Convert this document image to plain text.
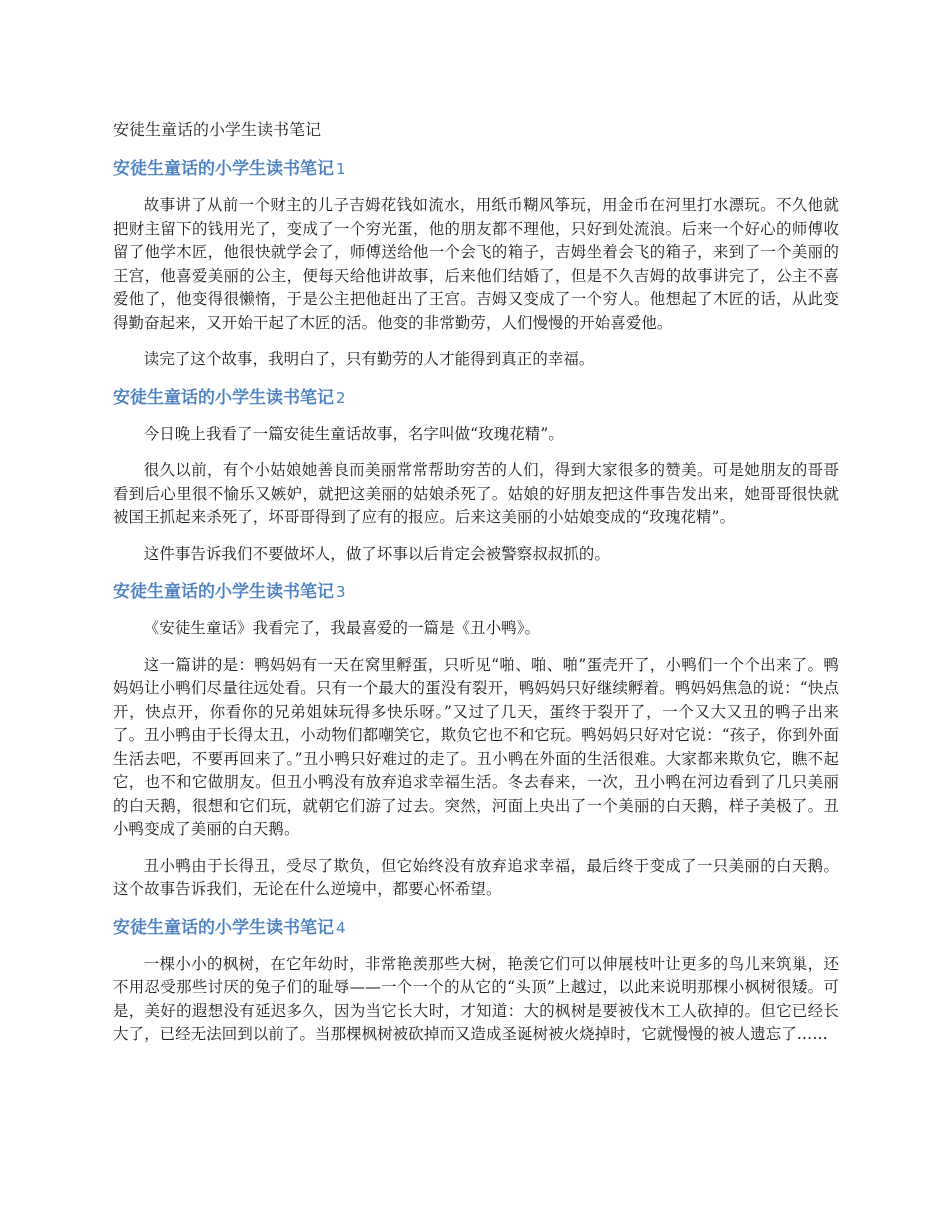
安徒生童话的小学生读书笔记
安徒生童话的小学生读书笔记 1

故事讲了从前一个财主的儿子吉姆花钱如流水，用纸币糊风筝玩，用金币在河里打水漂玩。不久他就把财主留下的钱用光了，变成了一个穷光蛋，他的朋友都不理他，只好到处流浪。后来一个好心的师傅收留了他学木匠，他很快就学会了，师傅送给他一个会飞的箱子，吉姆坐着会飞的箱子，来到了一个美丽的王宫，他喜爱美丽的公主，便每天给他讲故事，后来他们结婚了，但是不久吉姆的故事讲完了，公主不喜爱他了，他变得很懒惰，于是公主把他赶出了王宫。吉姆又变成了一个穷人。他想起了木匠的话，从此变得勤奋起来，又开始干起了木匠的活。他变的非常勤劳，人们慢慢的开始喜爱他。

读完了这个故事，我明白了，只有勤劳的人才能得到真正的幸福。

安徒生童话的小学生读书笔记 2

今日晚上我看了一篇安徒生童话故事，名字叫做“玫瑰花精”。

很久以前，有个小姑娘她善良而美丽常常帮助穷苦的人们，得到大家很多的赞美。可是她朋友的哥哥看到后心里很不愉乐又嫉妒，就把这美丽的姑娘杀死了。姑娘的好朋友把这件事告发出来，她哥哥很快就被国王抓起来杀死了，坏哥哥得到了应有的报应。后来这美丽的小姑娘变成的“玫瑰花精”。

这件事告诉我们不要做坏人，做了坏事以后肯定会被警察叔叔抓的。

安徒生童话的小学生读书笔记 3

《安徒生童话》我看完了，我最喜爱的一篇是《丑小鸭》。

这一篇讲的是：鸭妈妈有一天在窝里孵蛋，只听见“啪、啪、啪”蛋壳开了，小鸭们一个个出来了。鸭妈妈让小鸭们尽量往远处看。只有一个最大的蛋没有裂开，鸭妈妈只好继续孵着。鸭妈妈焦急的说：“快点开，快点开，你看你的兄弟姐妹玩得多快乐呀。”又过了几天，蛋终于裂开了，一个又大又丑的鸭子出来了。丑小鸭由于长得太丑，小动物们都嘲笑它，欺负它也不和它玩。鸭妈妈只好对它说：“孩子，你到外面生活去吧，不要再回来了。”丑小鸭只好难过的走了。丑小鸭在外面的生活很难。大家都来欺负它，瞧不起它，也不和它做朋友。但丑小鸭没有放弃追求幸福生活。冬去春来，一次，丑小鸭在河边看到了几只美丽的白天鹅，很想和它们玩，就朝它们游了过去。突然，河面上央出了一个美丽的白天鹅，样子美极了。丑小鸭变成了美丽的白天鹅。

丑小鸭由于长得丑，受尽了欺负，但它始终没有放弃追求幸福，最后终于变成了一只美丽的白天鹅。这个故事告诉我们，无论在什么逆境中，都要心怀希望。

安徒生童话的小学生读书笔记 4

一棵小小的枫树，在它年幼时，非常艳羡那些大树，艳羡它们可以伸展枝叶让更多的鸟儿来筑巢，还不用忍受那些讨厌的兔子们的耻辱——一个一个的从它的“头顶”上越过，以此来说明那棵小枫树很矮。可是，美好的遐想没有延迟多久，因为当它长大时，才知道：大的枫树是要被伐木工人砍掉的。但它已经长大了，已经无法回到以前了。当那棵枫树被砍掉而又造成圣诞树被火烧掉时，它就慢慢的被人遗忘了……
